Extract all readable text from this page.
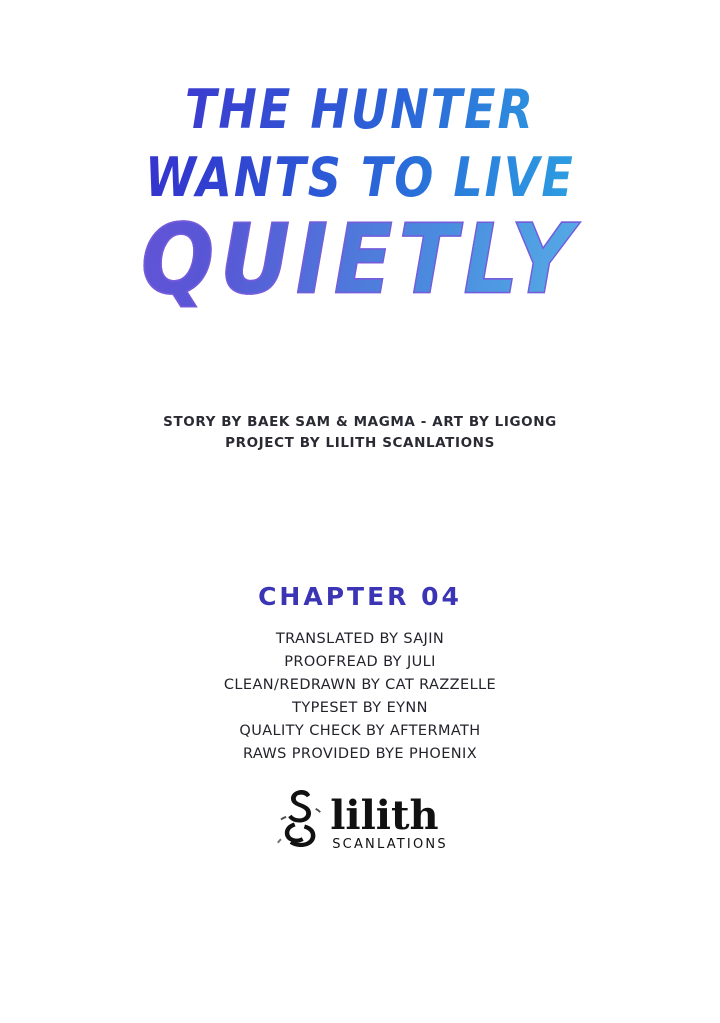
THE HUNTER
WANTS TO LIVE
QUIETLY
STORY BY BAEK SAM & MAGMA - ART BY LIGONG
PROJECT BY LILITH SCANLATIONS
CHAPTER 04
TRANSLATED BY SAJIN
PROOFREAD BY JULI
CLEAN/REDRAWN BY CAT RAZZELLE
TYPESET BY EYNN
QUALITY CHECK BY AFTERMATH
RAWS PROVIDED BYE PHOENIX
lilith
SCANLATIONS
